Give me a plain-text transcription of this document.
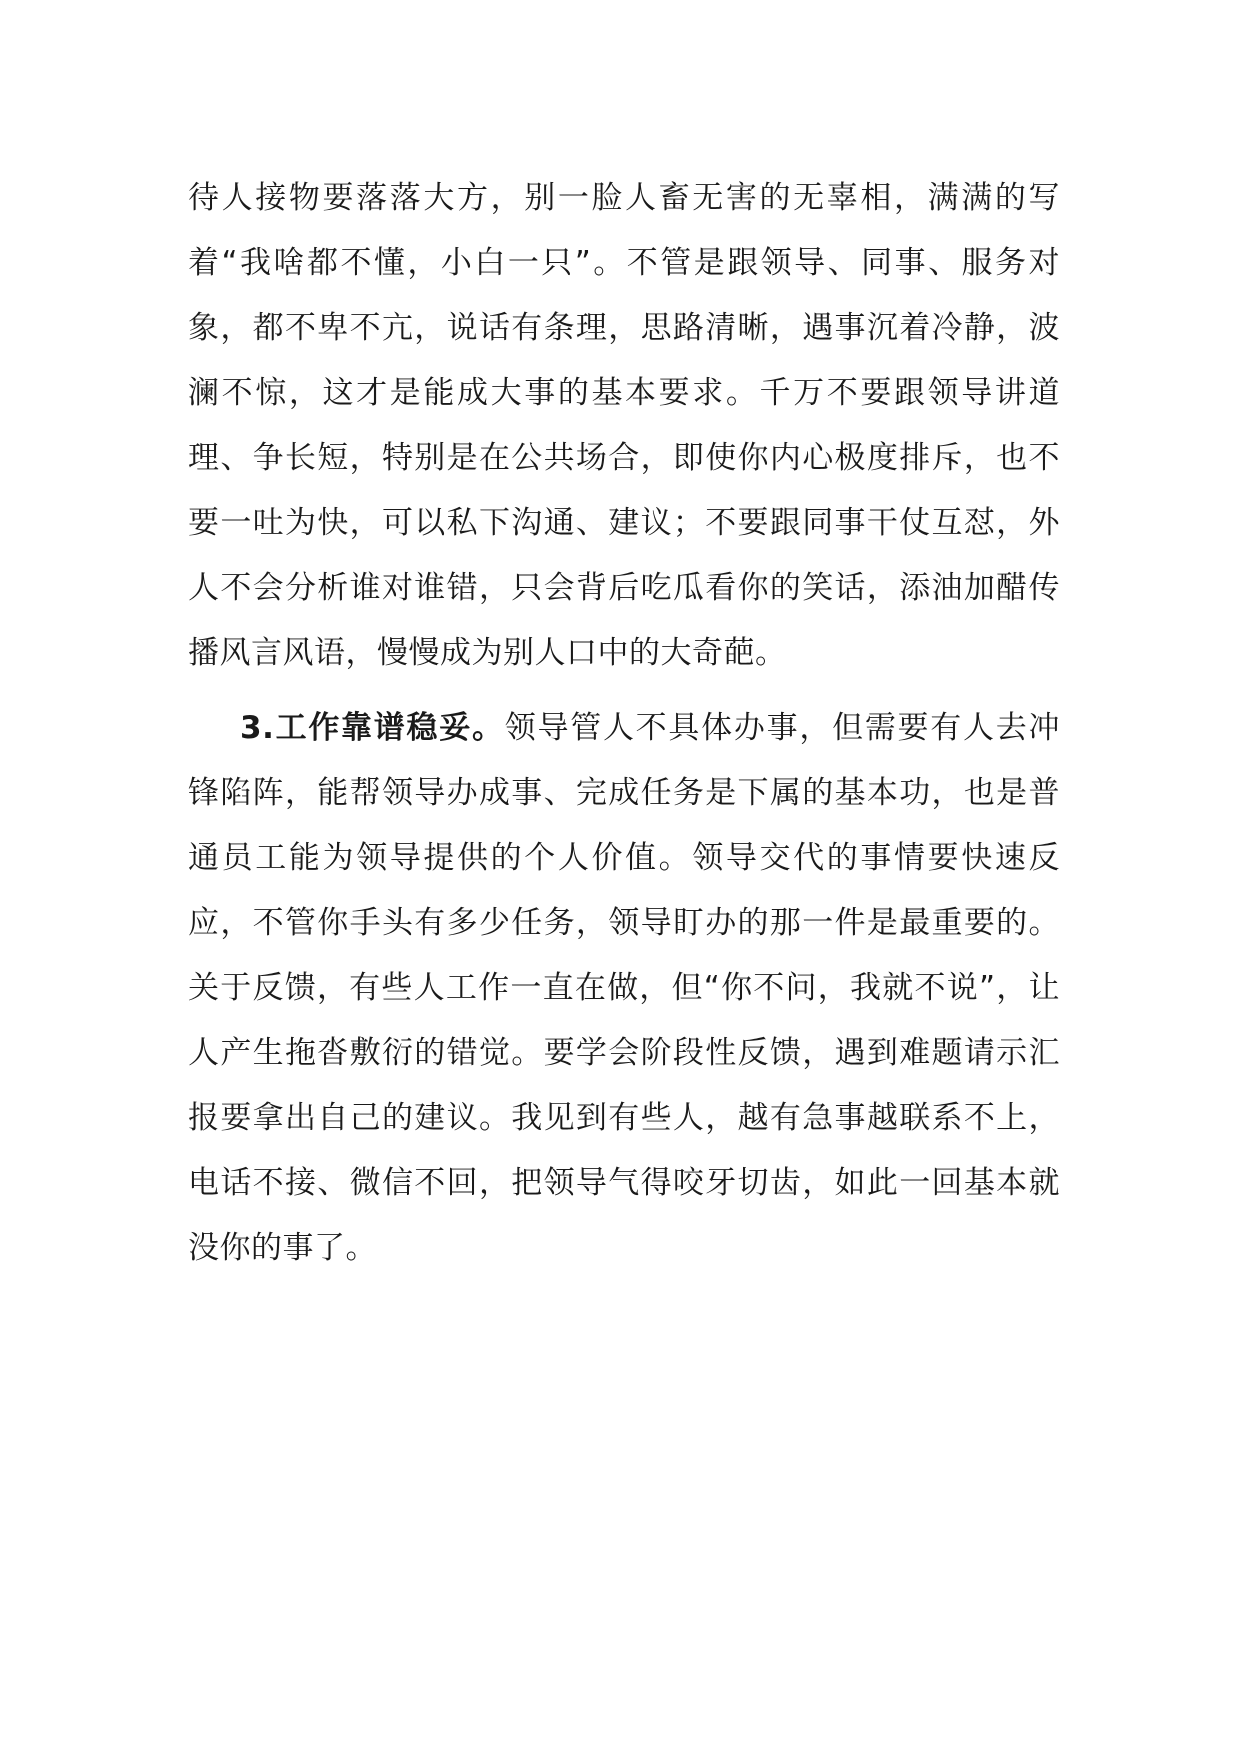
待人接物要落落大方，别一脸人畜无害的无辜相，满满的写着“我啥都不懂，小白一只”。不管是跟领导、同事、服务对象，都不卑不亢，说话有条理，思路清晰，遇事沉着冷静，波澜不惊，这才是能成大事的基本要求。千万不要跟领导讲道理、争长短，特别是在公共场合，即使你内心极度排斥，也不要一吐为快，可以私下沟通、建议；不要跟同事干仗互怼，外人不会分析谁对谁错，只会背后吃瓜看你的笑话，添油加醋传播风言风语，慢慢成为别人口中的大奇葩。

3.工作靠谱稳妥。领导管人不具体办事，但需要有人去冲锋陷阵，能帮领导办成事、完成任务是下属的基本功，也是普通员工能为领导提供的个人价值。领导交代的事情要快速反应，不管你手头有多少任务，领导盯办的那一件是最重要的。关于反馈，有些人工作一直在做，但“你不问，我就不说”，让人产生拖沓敷衍的错觉。要学会阶段性反馈，遇到难题请示汇报要拿出自己的建议。我见到有些人，越有急事越联系不上，电话不接、微信不回，把领导气得咬牙切齿，如此一回基本就没你的事了。
